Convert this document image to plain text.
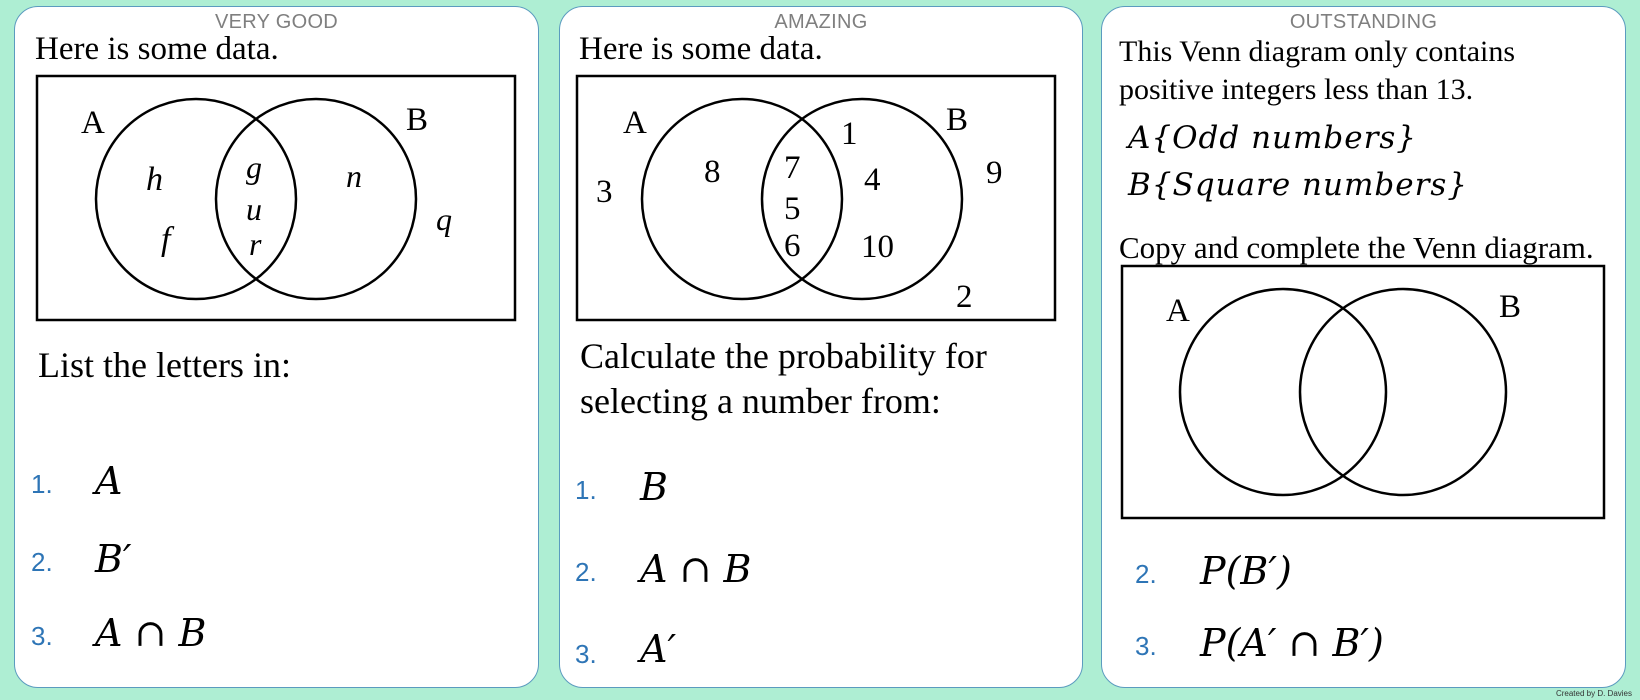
VERY GOOD
Here is some data.
A	B
h
f
g
u
r
n
q
List the letters in:
1. A
2. B′
3. A ∩ B
AMAZING
Here is some data.
A	B
8 7
5
6
1
4
10
3
9
2
Calculate the probability for
selecting a number from:
1. B
2. A ∩ B
3. A′
OUTSTANDING
This Venn diagram only contains
positive integers less than 13.
A{Odd numbers}
B{Square numbers}
Copy and complete the Venn diagram.
A	B
2. P(B′)
3. P(A′ ∩ B′)
Created by D. Davies
